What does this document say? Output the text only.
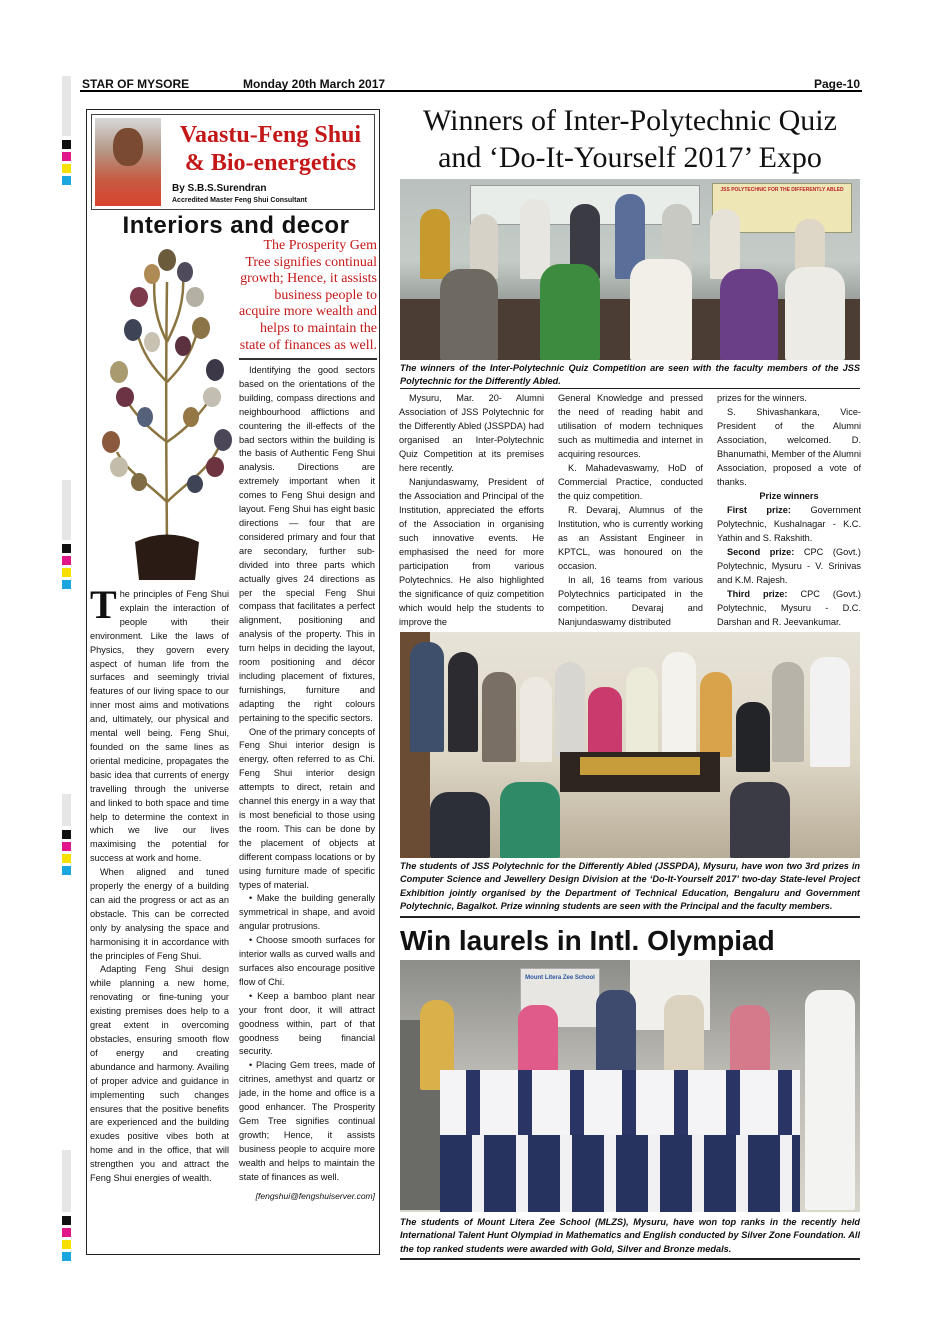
STAR OF MYSORE	Monday 20th March 2017	Page-10
Vaastu-Feng Shui
& Bio-energetics
By S.B.S.Surendran
Accredited Master Feng Shui Consultant
Interiors and decor
The Prosperity Gem Tree signifies continual growth; Hence, it assists business people to acquire more wealth and helps to maintain the state of finances as well.

The principles of Feng Shui explain the interaction of people with their environment. Like the laws of Physics, they govern every aspect of human life from the surfaces and seemingly trivial features of our living space to our inner most aims and motivations and, ultimately, our physical and mental well being. Feng Shui, founded on the same lines as oriental medicine, propagates the basic idea that currents of energy travelling through the universe and linked to both space and time help to determine the context in which we live our lives maximising the potential for success at work and home.

When aligned and tuned properly the energy of a building can aid the progress or act as an obstacle. This can be corrected only by analysing the space and harmonising it in accordance with the principles of Feng Shui.

Adapting Feng Shui design while planning a new home, renovating or fine-tuning your existing premises does help to a great extent in overcoming obstacles, ensuring smooth flow of energy and creating abundance and harmony. Availing of proper advice and guidance in implementing such changes ensures that the positive benefits are experienced and the building exudes positive vibes both at home and in the office, that will strengthen you and attract the Feng Shui energies of wealth.

Identifying the good sectors based on the orientations of the building, compass directions and neighbourhood afflictions and countering the ill-effects of the bad sectors within the building is the basis of Authentic Feng Shui analysis. Directions are extremely important when it comes to Feng Shui design and layout. Feng Shui has eight basic directions — four that are considered primary and four that are secondary, further sub-divided into three parts which actually gives 24 directions as per the special Feng Shui compass that facilitates a perfect alignment, positioning and analysis of the property. This in turn helps in deciding the layout, room positioning and décor including placement of fixtures, furnishings, furniture and adapting the right colours pertaining to the specific sectors.

One of the primary concepts of Feng Shui interior design is energy, often referred to as Chi. Feng Shui interior design attempts to direct, retain and channel this energy in a way that is most beneficial to those using the room. This can be done by the placement of objects at different compass locations or by using furniture made of specific types of material.

• Make the building generally symmetrical in shape, and avoid angular protrusions.

• Choose smooth surfaces for interior walls as curved walls and surfaces also encourage positive flow of Chi.

• Keep a bamboo plant near your front door, it will attract goodness within, part of that goodness being financial security.

• Placing Gem trees, made of citrines, amethyst and quartz or jade, in the home and office is a good enhancer. The Prosperity Gem Tree signifies continual growth; Hence, it assists business people to acquire more wealth and helps to maintain the state of finances as well.

[fengshui@fengshuiserver.com]
Winners of Inter-Polytechnic Quiz
and ‘Do-It-Yourself 2017’ Expo
JSS POLYTECHNIC FOR THE DIFFERENTLY ABLED
The winners of the Inter-Polytechnic Quiz Competition are seen with the faculty members of the JSS Polytechnic for the Differently Abled.

Mysuru, Mar. 20- Alumni Association of JSS Polytechnic for the Differently Abled (JSSPDA) had organised an Inter-Polytechnic Quiz Competition at its premises here recently.

Nanjundaswamy, President of the Association and Principal of the Institution, appreciated the efforts of the Association in organising such innovative events. He emphasised the need for more participation from various Polytechnics. He also highlighted the significance of quiz competition which would help the students to improve the

General Knowledge and pressed the need of reading habit and utilisation of modern techniques such as multimedia and internet in acquiring resources.

K. Mahadevaswamy, HoD of Commercial Practice, conducted the quiz competition.

R. Devaraj, Alumnus of the Institution, who is currently working as an Assistant Engineer in KPTCL, was honoured on the occasion.

In all, 16 teams from various Polytechnics participated in the competition. Devaraj and Nanjundaswamy distributed

prizes for the winners.

S. Shivashankara, Vice-President of the Alumni Association, welcomed. D. Bhanumathi, Member of the Alumni Association, proposed a vote of thanks.

Prize winners

First prize: Government Polytechnic, Kushalnagar - K.C. Yathin and S. Rakshith.

Second prize: CPC (Govt.) Polytechnic, Mysuru - V. Srinivas and K.M. Rajesh.

Third prize: CPC (Govt.) Polytechnic, Mysuru - D.C. Darshan and R. Jeevankumar.

The students of JSS Polytechnic for the Differently Abled (JSSPDA), Mysuru, have won two 3rd prizes in Computer Science and Jewellery Design Division at the ‘Do-It-Yourself 2017’ two-day State-level Project Exhibition jointly organised by the Department of Technical Education, Bengaluru and Government Polytechnic, Bagalkot. Prize winning students are seen with the Principal and the faculty members.
Win laurels in Intl. Olympiad
Mount Litera Zee School
The students of Mount Litera Zee School (MLZS), Mysuru, have won top ranks in the recently held International Talent Hunt Olympiad in Mathematics and English conducted by Silver Zone Foundation. All the top ranked students were awarded with Gold, Silver and Bronze medals.
